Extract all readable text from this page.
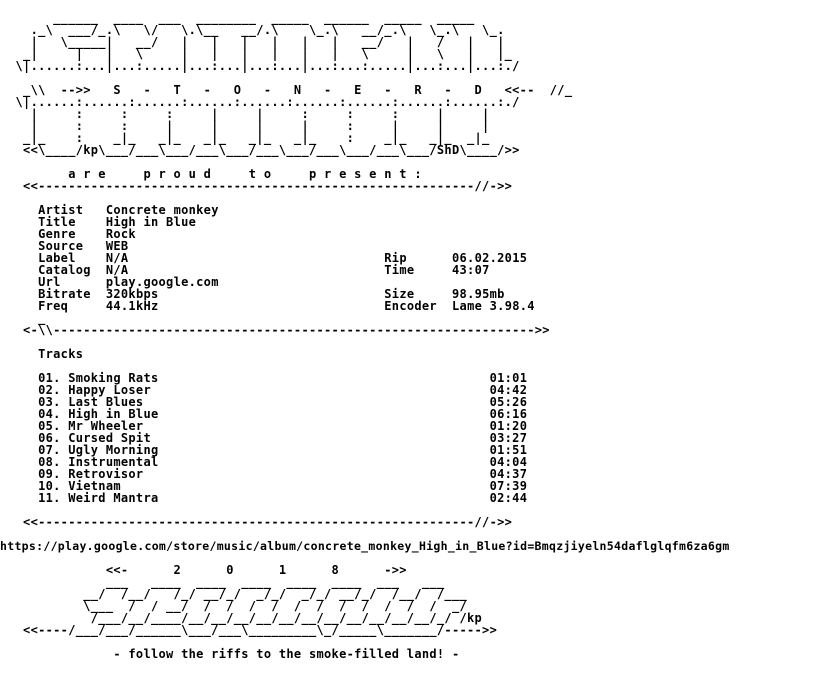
______  ____  ___  ________  _____  ______  _____  _____
._\  ___/_.\   \/   \.\__   __/.\    \_.\   __/_.\   \_.\   \_.
|   \_____|   __/   |   |   |   |   |   |   __/   |   /   |   |
_|     |   |   \     |   |   |   |   |   |   \     |   \   |   |_
\|......:...|...:.....|...:...|...:...|...:...:.....|...:...|...:./
_\\  -->>   S   -   T   -   O   -   N   -   E   -   R   -   D   <<--  //_
\|......:......:......:......:......:......:......:......:......:./
|     :     :     :     |     |     :     :     :     |     |
|     :     :     |     |     |     |     :     |     |     |
_|_    :    _|_   _|_   _|_   _|_   _|_    :    _|_   _|_  _|_
<<\____/kp\___/___\___/___\___/___\___/___\___/___\___/ShD\____/>>

a r e     p r o u d     t o     p r e s e n t :
<<----------------------------------------------------------//->>

Artist   Concrete monkey
Title    High in Blue
Genre    Rock
Source   WEB
Label    N/A	Rip      06.02.2015
Catalog  N/A	Time     43:07
Url      play.google.com
Bitrate  320kbps	Size     98.95mb
Freq     44.1kHz	Encoder  Lame 3.98.4
_
<-\\---------------------------------------------------------------->>

Tracks

01. Smoking Rats	01:01
02. Happy Loser	04:42
03. Last Blues	05:26
04. High in Blue	06:16
05. Mr Wheeler	01:20
06. Cursed Spit	03:27
07. Ugly Morning	01:51
08. Instrumental	04:04
09. Retrovisor	04:37
10. Vietnam	07:39
11. Weird Mantra	02:44

<<----------------------------------------------------------//->>

https://play.google.com/store/music/album/concrete_monkey_High_in_Blue?id=Bmqzjiyeln54daflglqfm6za6gm

<<-      2      0      1      8      ->>
___   ____  ____  ____  ____  ____  ___   ___
__/  /__/   /_/ __/_/  _/_/  _/_/ __/_/  /__/  /___
\___  /  / __/  /  /  /  /  /  /  /  /  /  /  /  _/
/___/__/____/__/__/__/__/__/__/__/__/__/__/__/_/ /kp
<<----/___/___/______\___/___\_________\_/_____\_______/----->>

- follow the riffs to the smoke-filled land! -
